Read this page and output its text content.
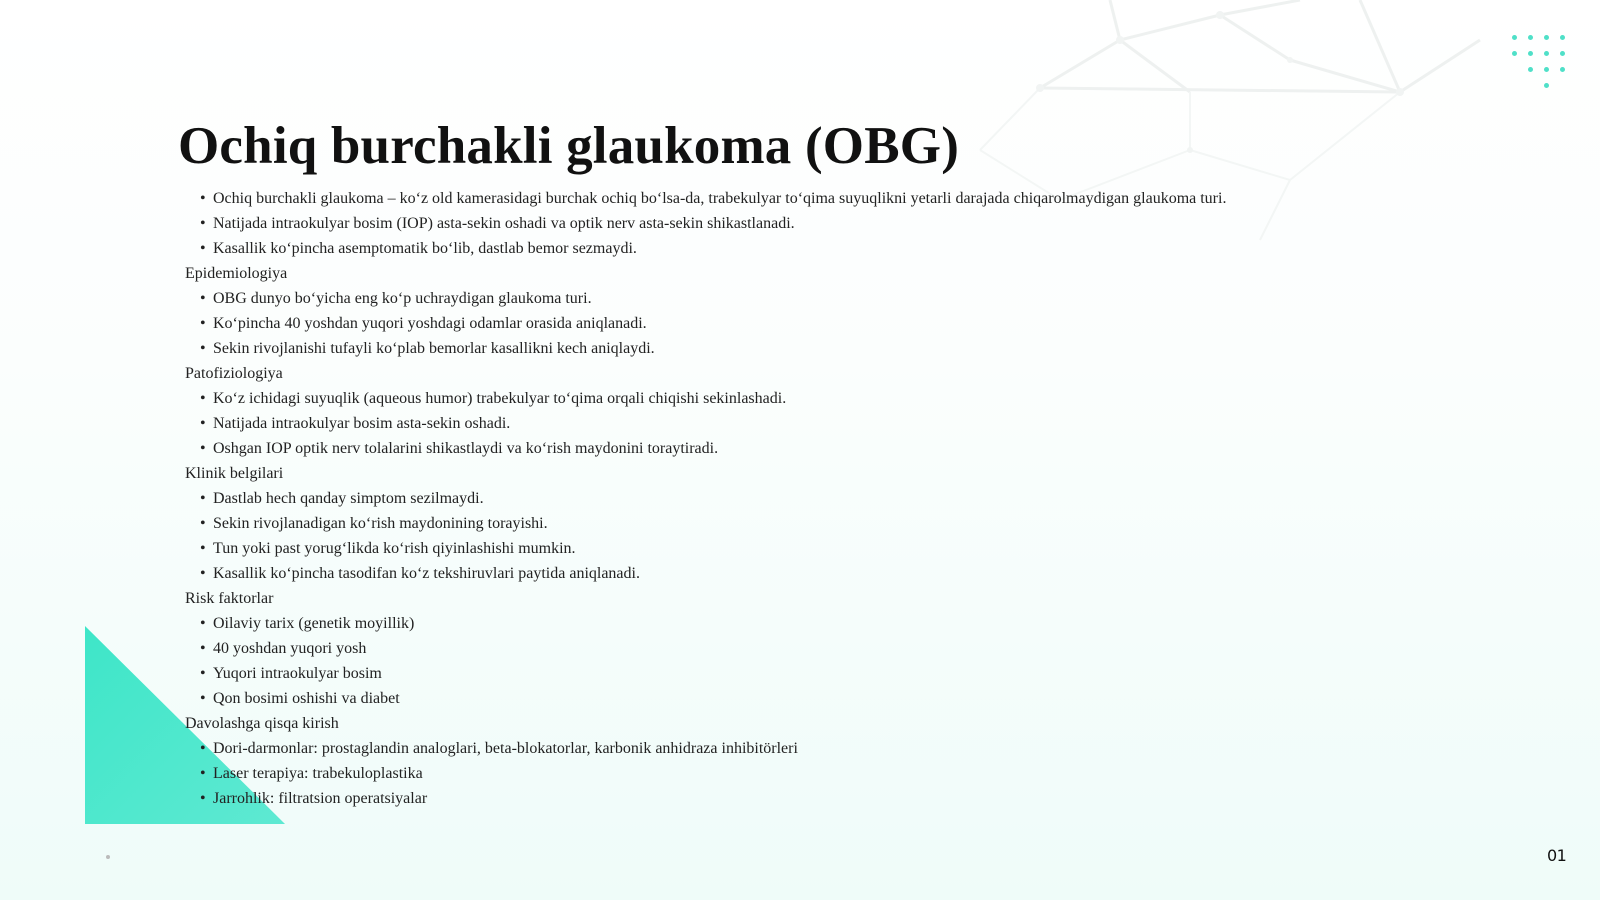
Ochiq burchakli glaukoma (OBG)
• Ochiq burchakli glaukoma – ko‘z old kamerasidagi burchak ochiq bo‘lsa-da, trabekulyar to‘qima suyuqlikni yetarli darajada chiqarolmaydigan glaukoma turi.
• Natijada intraokulyar bosim (IOP) asta-sekin oshadi va optik nerv asta-sekin shikastlanadi.
• Kasallik ko‘pincha asemptomatik bo‘lib, dastlab bemor sezmaydi.
Epidemiologiya
• OBG dunyo bo‘yicha eng ko‘p uchraydigan glaukoma turi.
• Ko‘pincha 40 yoshdan yuqori yoshdagi odamlar orasida aniqlanadi.
• Sekin rivojlanishi tufayli ko‘plab bemorlar kasallikni kech aniqlaydi.
Patofiziologiya
• Ko‘z ichidagi suyuqlik (aqueous humor) trabekulyar to‘qima orqali chiqishi sekinlashadi.
• Natijada intraokulyar bosim asta-sekin oshadi.
• Oshgan IOP optik nerv tolalarini shikastlaydi va ko‘rish maydonini toraytiradi.
Klinik belgilari
• Dastlab hech qanday simptom sezilmaydi.
• Sekin rivojlanadigan ko‘rish maydonining torayishi.
• Tun yoki past yorug‘likda ko‘rish qiyinlashishi mumkin.
• Kasallik ko‘pincha tasodifan ko‘z tekshiruvlari paytida aniqlanadi.
Risk faktorlar
• Oilaviy tarix (genetik moyillik)
• 40 yoshdan yuqori yosh
• Yuqori intraokulyar bosim
• Qon bosimi oshishi va diabet
Davolashga qisqa kirish
• Dori-darmonlar: prostaglandin analoglari, beta-blokatorlar, karbonik anhidraza inhibitörleri
• Laser terapiya: trabekuloplastika
• Jarrohlik: filtratsion operatsiyalar
01
